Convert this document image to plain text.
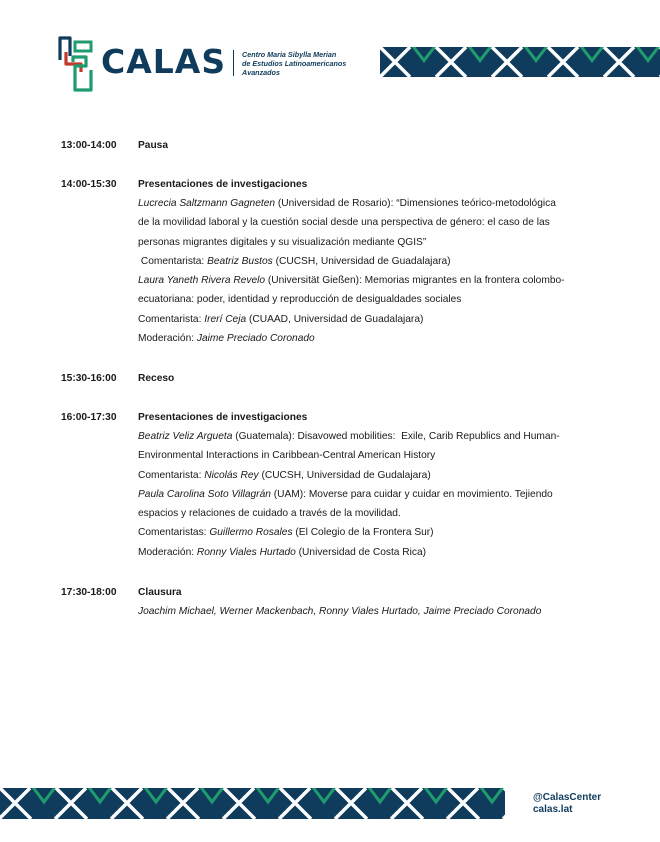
CALAS Centro Maria Sibylla Merian
de Estudios Latinoamericanos
Avanzados
13:00-14:00	Pausa
14:00-15:30	Presentaciones de investigaciones

Lucrecia Saltzmann Gagneten (Universidad de Rosario): “Dimensiones teórico-metodológica

de la movilidad laboral y la cuestión social desde una perspectiva de género: el caso de las

personas migrantes digitales y su visualización mediante QGIS”

Comentarista: Beatriz Bustos (CUCSH, Universidad de Guadalajara)

Laura Yaneth Rivera Revelo (Universität Gießen): Memorias migrantes en la frontera colombo-

ecuatoriana: poder, identidad y reproducción de desigualdades sociales

Comentarista: Irerí Ceja (CUAAD, Universidad de Guadalajara)

Moderación: Jaime Preciado Coronado

15:30-16:00	Receso
16:00-17:30	Presentaciones de investigaciones

Beatriz Veliz Argueta (Guatemala): Disavowed mobilities:  Exile, Carib Republics and Human-

Environmental Interactions in Caribbean-Central American History

Comentarista: Nicolás Rey (CUCSH, Universidad de Gudalajara)

Paula Carolina Soto Villagrán (UAM): Moverse para cuidar y cuidar en movimiento. Tejiendo

espacios y relaciones de cuidado a través de la movilidad.

Comentaristas: Guillermo Rosales (El Colegio de la Frontera Sur)

Moderación: Ronny Viales Hurtado (Universidad de Costa Rica)

17:30-18:00	Clausura

Joachim Michael, Werner Mackenbach, Ronny Viales Hurtado, Jaime Preciado Coronado

@CalasCenter
calas.lat
